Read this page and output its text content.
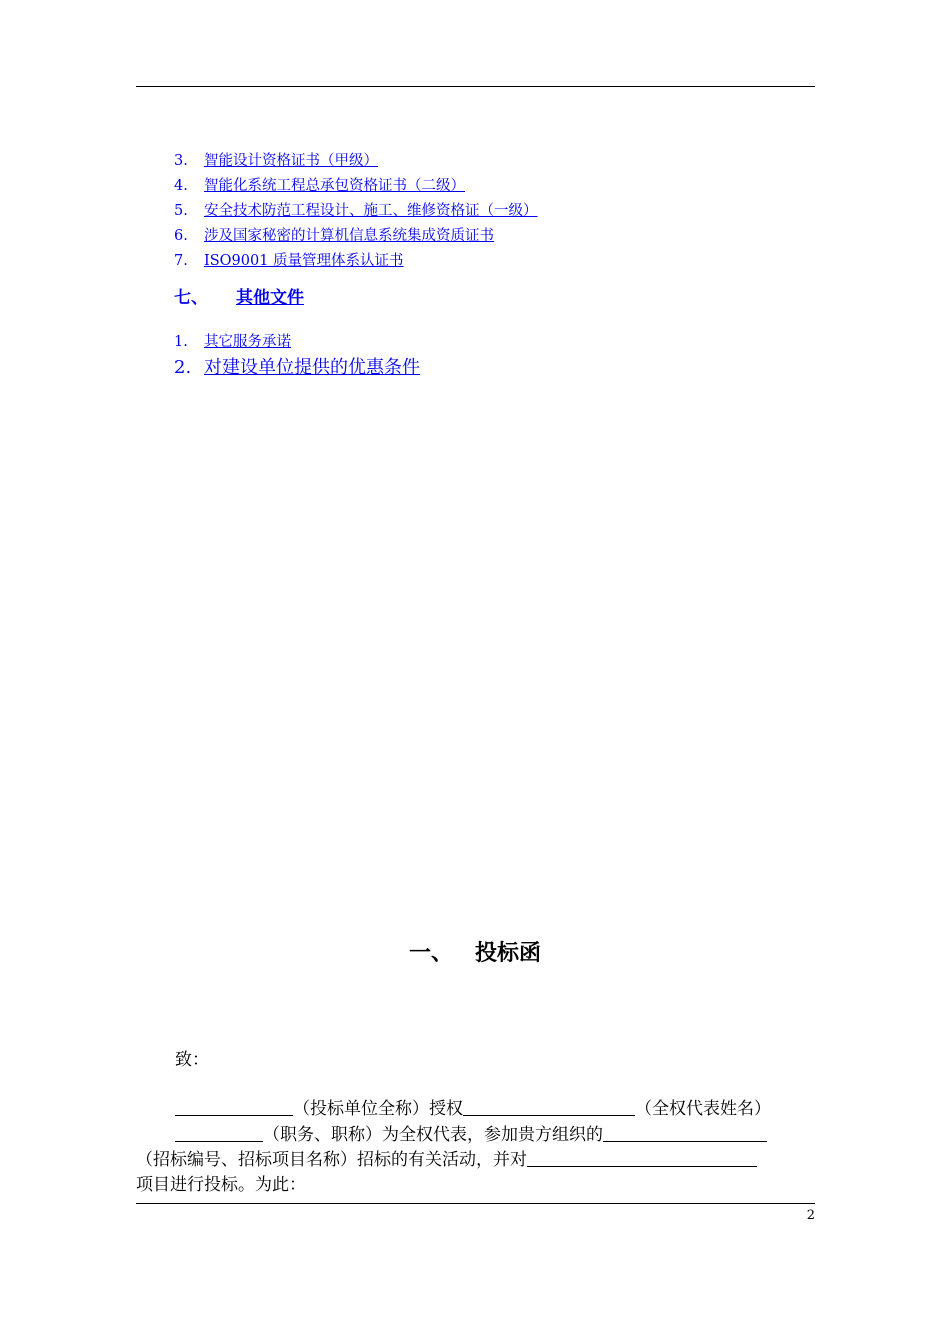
3. 智能设计资格证书（甲级）
4. 智能化系统工程总承包资格证书（二级）
5. 安全技术防范工程设计、施工、维修资格证（一级）
6. 涉及国家秘密的计算机信息系统集成资质证书
7. ISO9001 质量管理体系认证书
七、 其他文件
1. 其它服务承诺
2. 对建设单位提供的优惠条件
一、 投标函
致：
（投标单位全称）授权	（全权代表姓名）
（职务、职称）为全权代表，参加贵方组织的
（招标编号、招标项目名称）招标的有关活动，并对
项目进行投标。为此：
2
